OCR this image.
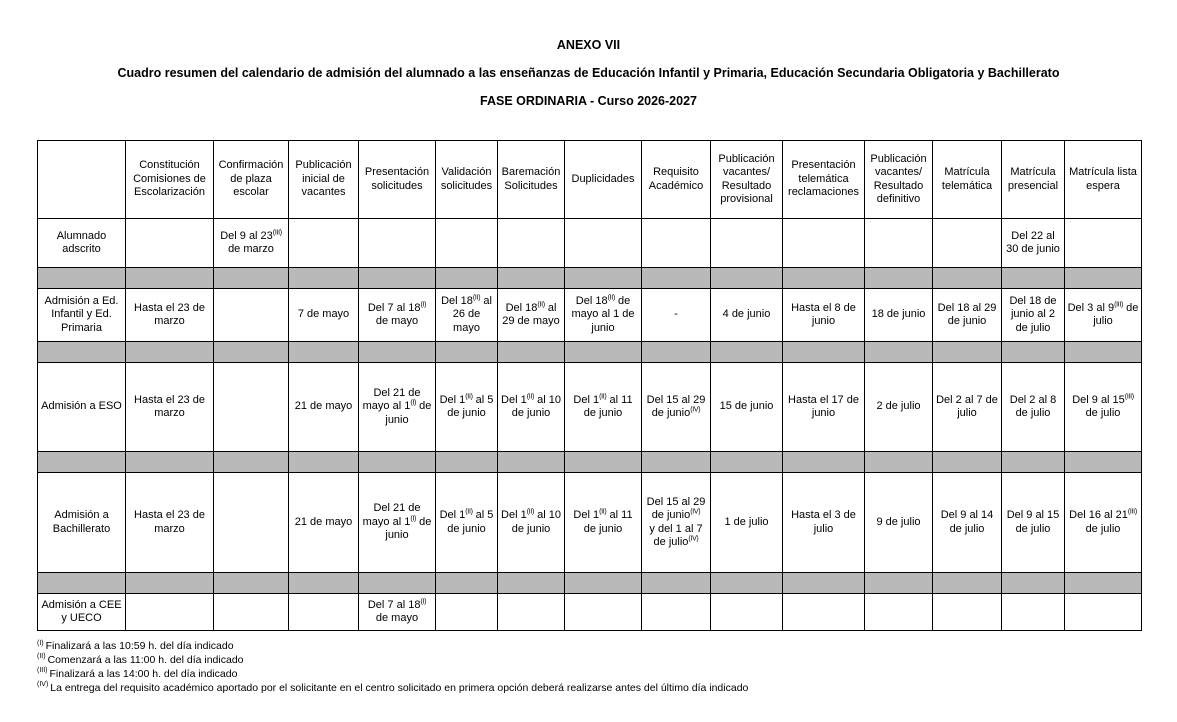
ANEXO VII
Cuadro resumen del calendario de admisión del alumnado a las enseñanzas de Educación Infantil y Primaria, Educación Secundaria Obligatoria y Bachillerato
FASE ORDINARIA - Curso 2026-2027
	Constitución Comisiones de Escolarización	Confirmación de plaza escolar	Publicación inicial de vacantes	Presentación solicitudes	Validación solicitudes	Baremación Solicitudes	Duplicidades	Requisito Académico	Publicación vacantes/ Resultado provisional	Presentación telemática reclamaciones	Publicación vacantes/ Resultado definitivo	Matrícula telemática	Matrícula presencial	Matrícula lista espera
Alumnado adscrito		Del 9 al $23^{(III)}$ de marzo											Del 22 al 30 de junio	

Admisión a Ed. Infantil y Ed. Primaria	Hasta el 23 de marzo		7 de mayo	Del 7 al $18^{(I)}$ de mayo	Del $18^{(II)}$ al 26 de mayo	Del $18^{(II)}$ al 29 de mayo	Del $18^{(II)}$ de mayo al 1 de junio	-	4 de junio	Hasta el 8 de junio	18 de junio	Del 18 al 29 de junio	Del 18 de junio al 2 de julio	Del 3 al $9^{(III)}$ de julio

Admisión a ESO	Hasta el 23 de marzo		21 de mayo	Del 21 de mayo al $1^{(I)}$ de junio	Del $1^{(II)}$ al 5 de junio	Del $1^{(II)}$ al 10 de junio	Del $1^{(II)}$ al 11 de junio	Del 15 al 29 de junio$^{(IV)}$	15 de junio	Hasta el 17 de junio	2 de julio	Del 2 al 7 de julio	Del 2 al 8 de julio	Del 9 al $15^{(III)}$ de julio

Admisión a Bachillerato	Hasta el 23 de marzo		21 de mayo	Del 21 de mayo al $1^{(I)}$ de junio	Del $1^{(II)}$ al 5 de junio	Del $1^{(II)}$ al 10 de junio	Del $1^{(II)}$ al 11 de junio	Del 15 al 29 de junio$^{(IV)}$
y del 1 al 7 de julio$^{(IV)}$	1 de julio	Hasta el 3 de julio	9 de julio	Del 9 al 14 de julio	Del 9 al 15 de julio	Del 16 al $21^{(III)}$ de julio

Admisión a CEE y UECO				Del 7 al $18^{(I)}$ de mayo										
$^{(I)}$ Finalizará a las 10:59 h. del día indicado
$^{(II)}$ Comenzará a las 11:00 h. del día indicado
$^{(III)}$ Finalizará a las 14:00 h. del día indicado
$^{(IV)}$ La entrega del requisito académico aportado por el solicitante en el centro solicitado en primera opción deberá realizarse antes del último día indicado
